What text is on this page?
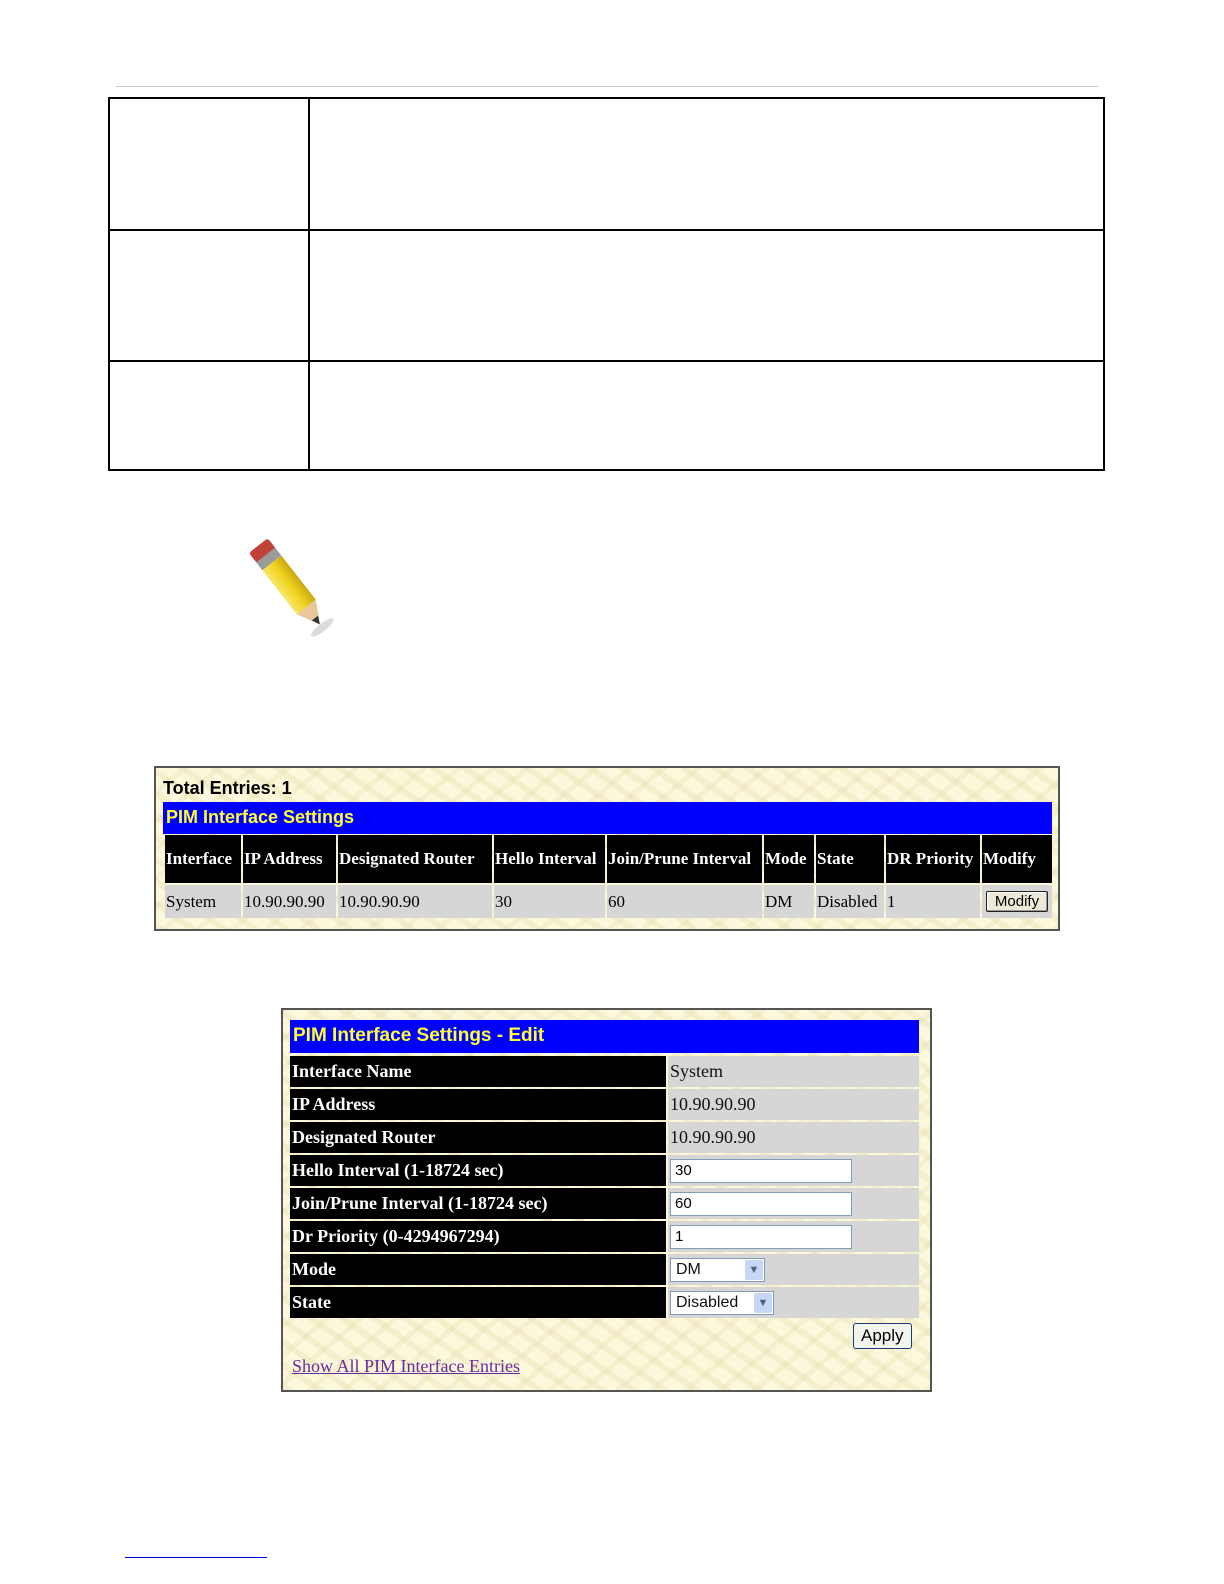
Total Entries: 1
PIM Interface Settings
Interface	IP Address	Designated Router	Hello Interval	Join/Prune Interval	Mode	State	DR Priority	Modify
System	10.90.90.90	10.90.90.90	30	60	DM	Disabled	1	Modify
PIM Interface Settings - Edit
Interface Name	System
IP Address	10.90.90.90
Designated Router	10.90.90.90
Hello Interval (1-18724 sec)	30
Join/Prune Interval (1-18724 sec)	60
Dr Priority (0-4294967294)	1
Mode	DM ▼

State	Disabled ▼
Apply
Show All PIM Interface Entries
